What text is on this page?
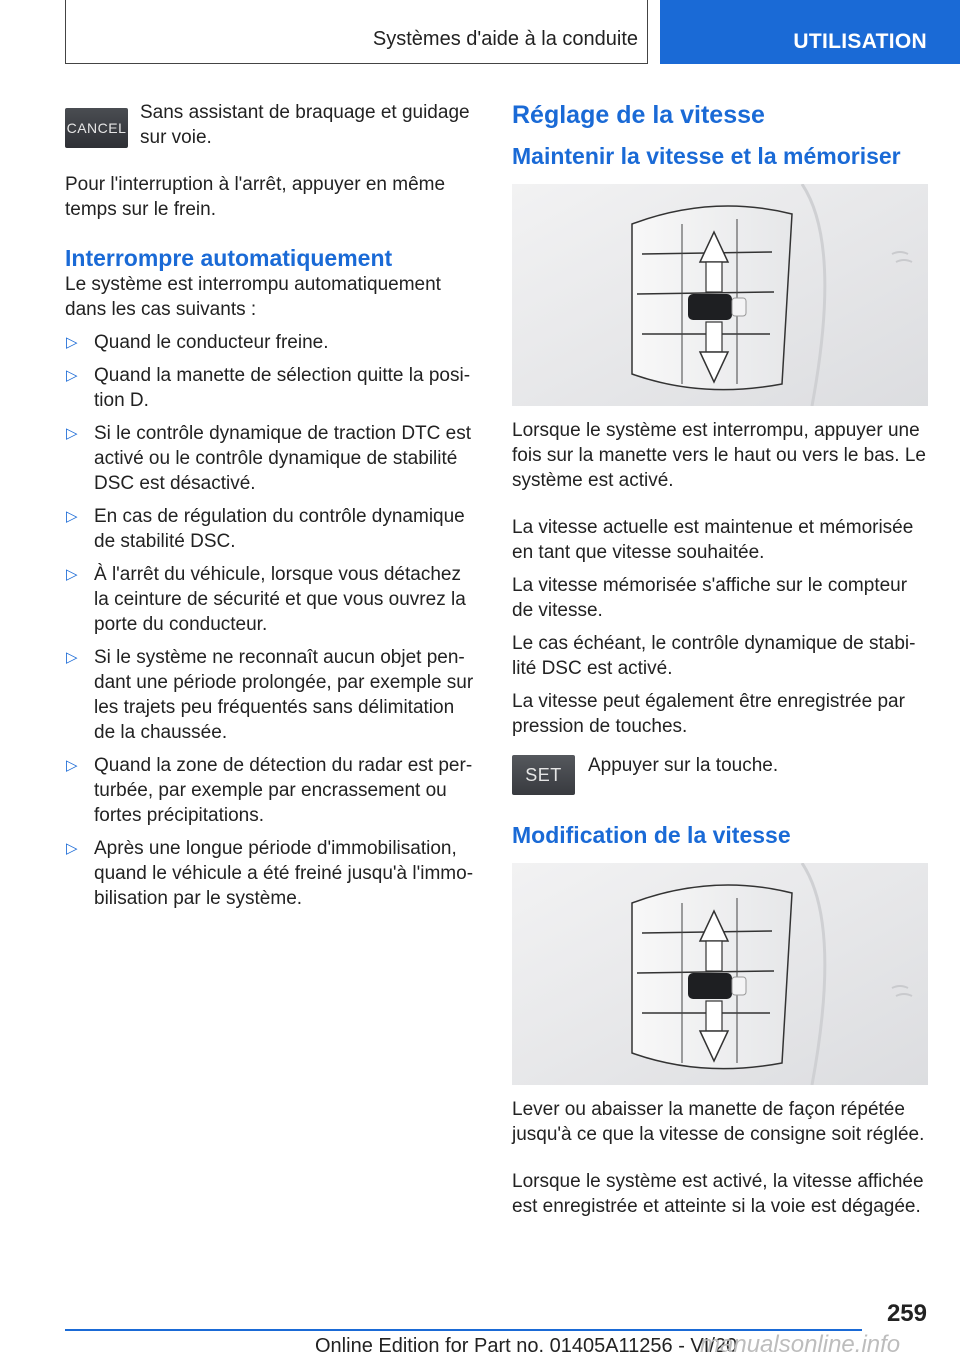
Systèmes d'aide à la conduite	UTILISATION
CANCEL

Sans assistant de braquage et guidage sur voie.

Pour l'interruption à l'arrêt, appuyer en même temps sur le frein.

Interrompre automatiquement

Le système est interrompu automatiquement dans les cas suivants :

▷ Quand le conducteur freine.
▷ Quand la manette de sélection quitte la position D.
▷ Si le contrôle dynamique de traction DTC est activé ou le contrôle dynamique de stabilité DSC est désactivé.
▷ En cas de régulation du contrôle dynamique de stabilité DSC.
▷ À l'arrêt du véhicule, lorsque vous détachez la ceinture de sécurité et que vous ouvrez la porte du conducteur.
▷ Si le système ne reconnaît aucun objet pendant une période prolongée, par exemple sur les trajets peu fréquentés sans délimitation de la chaussée.
▷ Quand la zone de détection du radar est perturbée, par exemple par encrassement ou fortes précipitations.
▷ Après une longue période d'immobilisation, quand le véhicule a été freiné jusqu'à l'immobilisation par le système.
Réglage de la vitesse
Maintenir la vitesse et la mémoriser

Lorsque le système est interrompu, appuyer une fois sur la manette vers le haut ou vers le bas. Le système est activé.

La vitesse actuelle est maintenue et mémorisée en tant que vitesse souhaitée.

La vitesse mémorisée s'affiche sur le compteur de vitesse.

Le cas échéant, le contrôle dynamique de stabilité DSC est activé.

La vitesse peut également être enregistrée par pression de touches.

SET	Appuyer sur la touche.

Modification de la vitesse

Lever ou abaisser la manette de façon répétée jusqu'à ce que la vitesse de consigne soit réglée.

Lorsque le système est activé, la vitesse affichée est enregistrée et atteinte si la voie est dégagée.

259
Online Edition for Part no. 01405A11256 - VI/20
manualsonline.info
